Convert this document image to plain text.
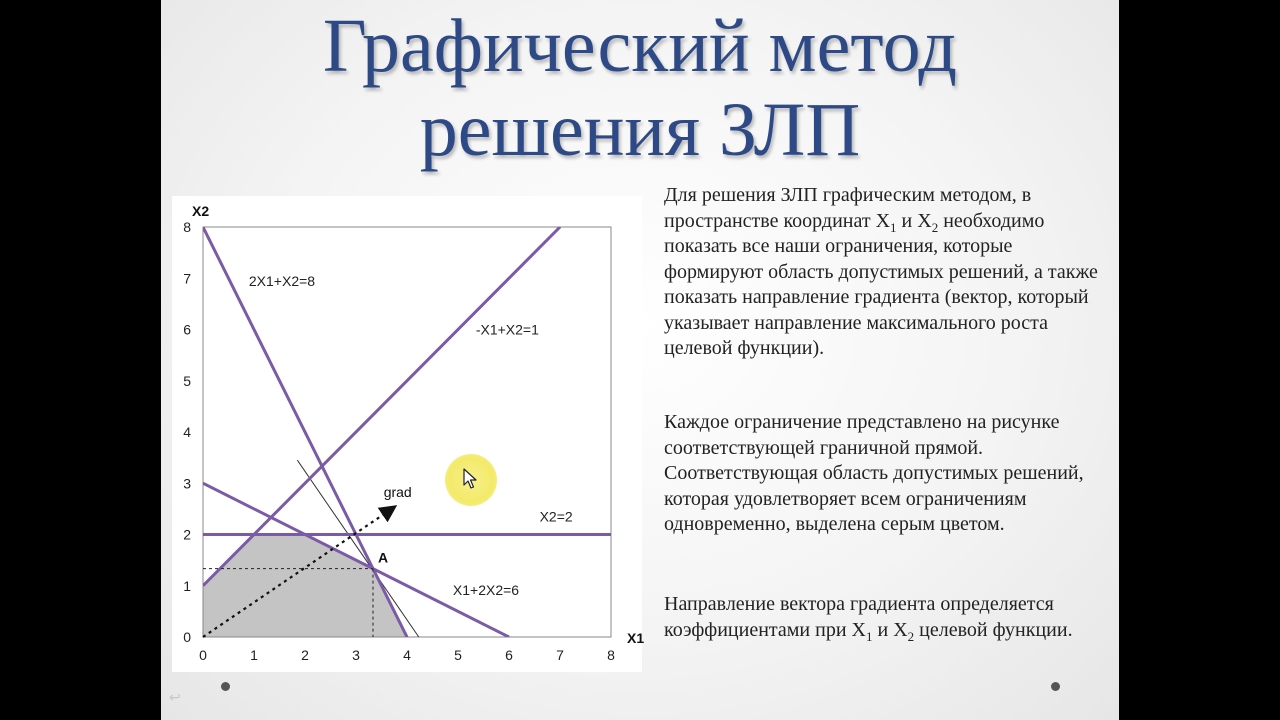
Графический метод
решения ЗЛП
grad
A
2X1+X2=8
-X1+X2=1
X2=2
X1+2X2=6
0	1	2	3	4	5	6	7	8
0
1
2
3
4
5
6
7
8
X1
X2
Для решения ЗЛП графическим методом, в пространстве координат $X_1$ и $X_2$ необходимо показать все наши ограничения, которые формируют область допустимых решений, а также показать направление градиента (вектор, который указывает направление максимального роста целевой функции).
Каждое ограничение представлено на рисунке соответствующей граничной прямой. Соответствующая область допустимых решений, которая удовлетворяет всем ограничениям одновременно, выделена серым цветом.
Направление вектора градиента определяется коэффициентами при $X_1$ и $X_2$ целевой функции.
↩
